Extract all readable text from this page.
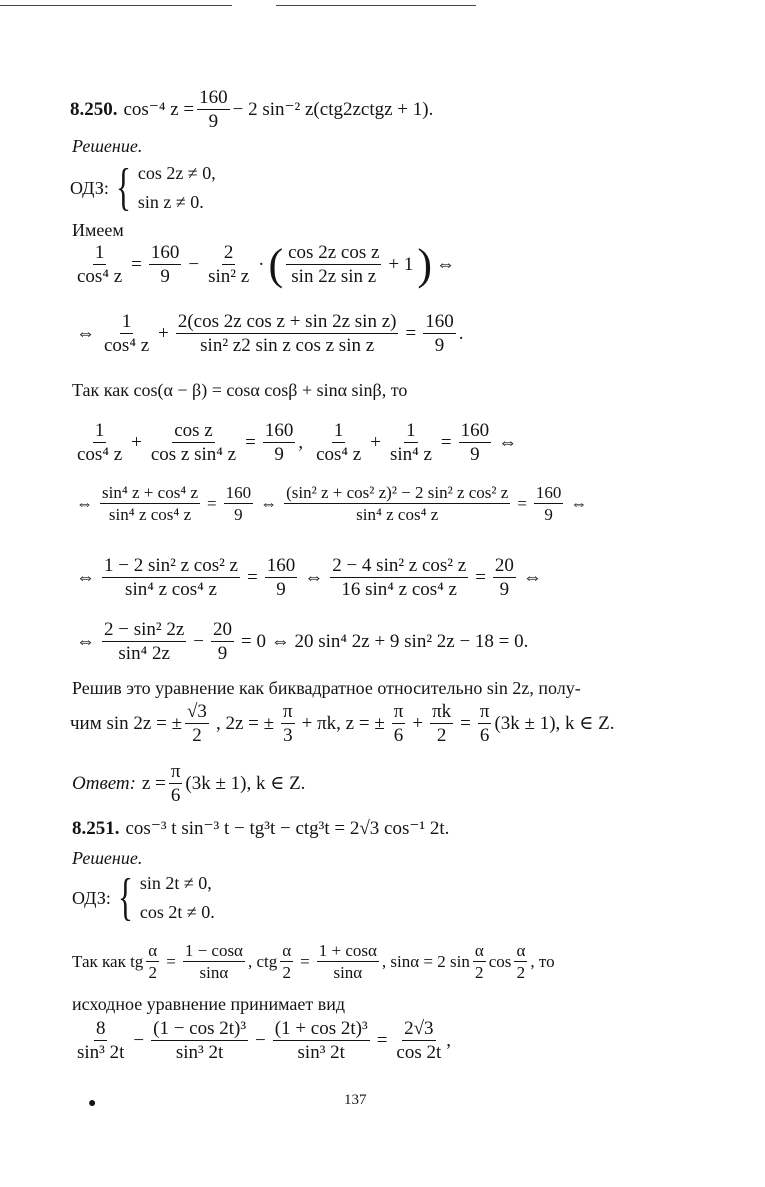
8.250. cos⁻⁴ $z = \frac{160}{9} - 2$ sin⁻² z(ctg2zctgz + 1).
Решение.
ОДЗ: { cos 2z ≠ 0,
sin z ≠ 0.
Имеем
$\frac{1}{\text{cos⁴ z}} = \frac{160}{9} - \frac{2}{\text{sin² z}}$ · ( $\frac{\text{cos 2z cos z}}{\text{sin 2z sin z}} + 1$ ) ⇔
⇔ $\frac{1}{\text{cos⁴ z}} + \frac{\text{2(cos 2z cos z + sin 2z sin z)}}{\text{sin² z2 sin z cos z sin z}} = \frac{160}{9}$ .
Так как cos(α − β) = cosα cosβ + sinα sinβ, то
$\frac{1}{\text{cos⁴ z}} + \frac{\text{cos z}}{\text{cos z sin⁴ z}} = \frac{160}{9}$ , $\frac{1}{\text{cos⁴ z}} + \frac{1}{\text{sin⁴ z}} = \frac{160}{9}$ ⇔
⇔ $\frac{\text{sin⁴ z + cos⁴ z}}{\text{sin⁴ z cos⁴ z}} = \frac{160}{9}$ ⇔ $\frac{\text{(sin² z + cos² z)² − 2 sin² z cos² z}}{\text{sin⁴ z cos⁴ z}} = \frac{160}{9}$ ⇔
⇔ $\frac{\text{1 − 2 sin² z cos² z}}{\text{sin⁴ z cos⁴ z}} = \frac{160}{9}$ ⇔ $\frac{\text{2 − 4 sin² z cos² z}}{\text{16 sin⁴ z cos⁴ z}} = \frac{20}{9}$ ⇔
⇔ $\frac{\text{2 − sin² 2z}}{\text{sin⁴ 2z}} - \frac{20}{9} = 0$ ⇔ 20 sin⁴ 2z + 9 sin² 2z − 18 = 0.
Решив это уравнение как биквадратное относительно sin 2z, полу-
чим sin 2z = ± $\frac{√3}{2}$ , 2z = ± $\frac{\pi}{3} + \pi k$, z = ± $\frac{\pi}{6} + \frac{\pi k}{2} = \frac{\pi}{6} (3k \pm 1)$, k ∈ Z.
Ответ: $z = \frac{\pi}{6} (3k \pm 1)$, k ∈ Z.
8.251. cos⁻³ t sin⁻³ t − tg³t − ctg³t = 2√3 cos⁻¹ 2t.
Решение.
ОДЗ: { sin 2t ≠ 0,
cos 2t ≠ 0.
Так как tg $\frac{\alpha}{2} = \frac{1 - \cos\alpha}{\sin\alpha}$ , ctg $\frac{\alpha}{2} = \frac{1 + \cos\alpha}{\sin\alpha}$ , sinα = 2 $\sin \frac{\alpha}{2}$ $\cos \frac{\alpha}{2}$ , то
исходное уравнение принимает вид
$\frac{8}{\text{sin³ 2t}} - \frac{\text{(1 − cos 2t)³}}{\text{sin³ 2t}} - \frac{\text{(1 + cos 2t)³}}{\text{sin³ 2t}} = \frac{2√3}{\cos 2t}$ ,
●	137
